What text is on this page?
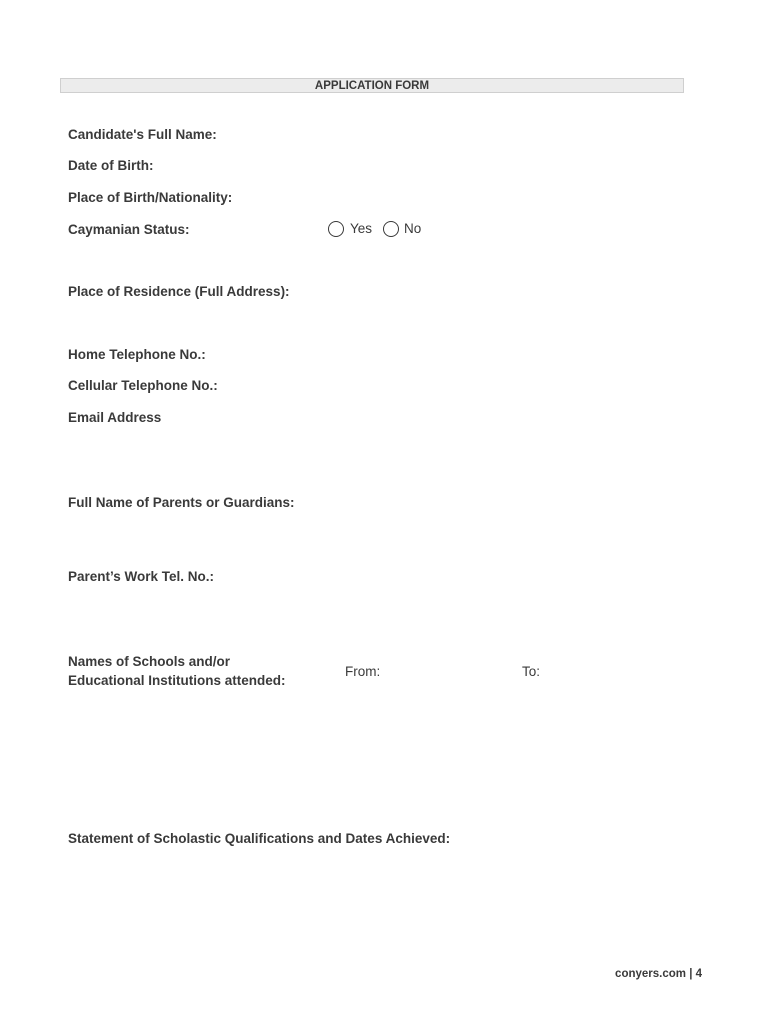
APPLICATION FORM
Candidate's Full Name:
Date of Birth:
Place of Birth/Nationality:
Caymanian Status:	Yes No
Place of Residence (Full Address):
Home Telephone No.:
Cellular Telephone No.:
Email Address
Full Name of Parents or Guardians:
Parent’s Work Tel. No.:
Names of Schools and/or
Educational Institutions attended:
From:	To:
Statement of Scholastic Qualifications and Dates Achieved:
conyers.com | 4
